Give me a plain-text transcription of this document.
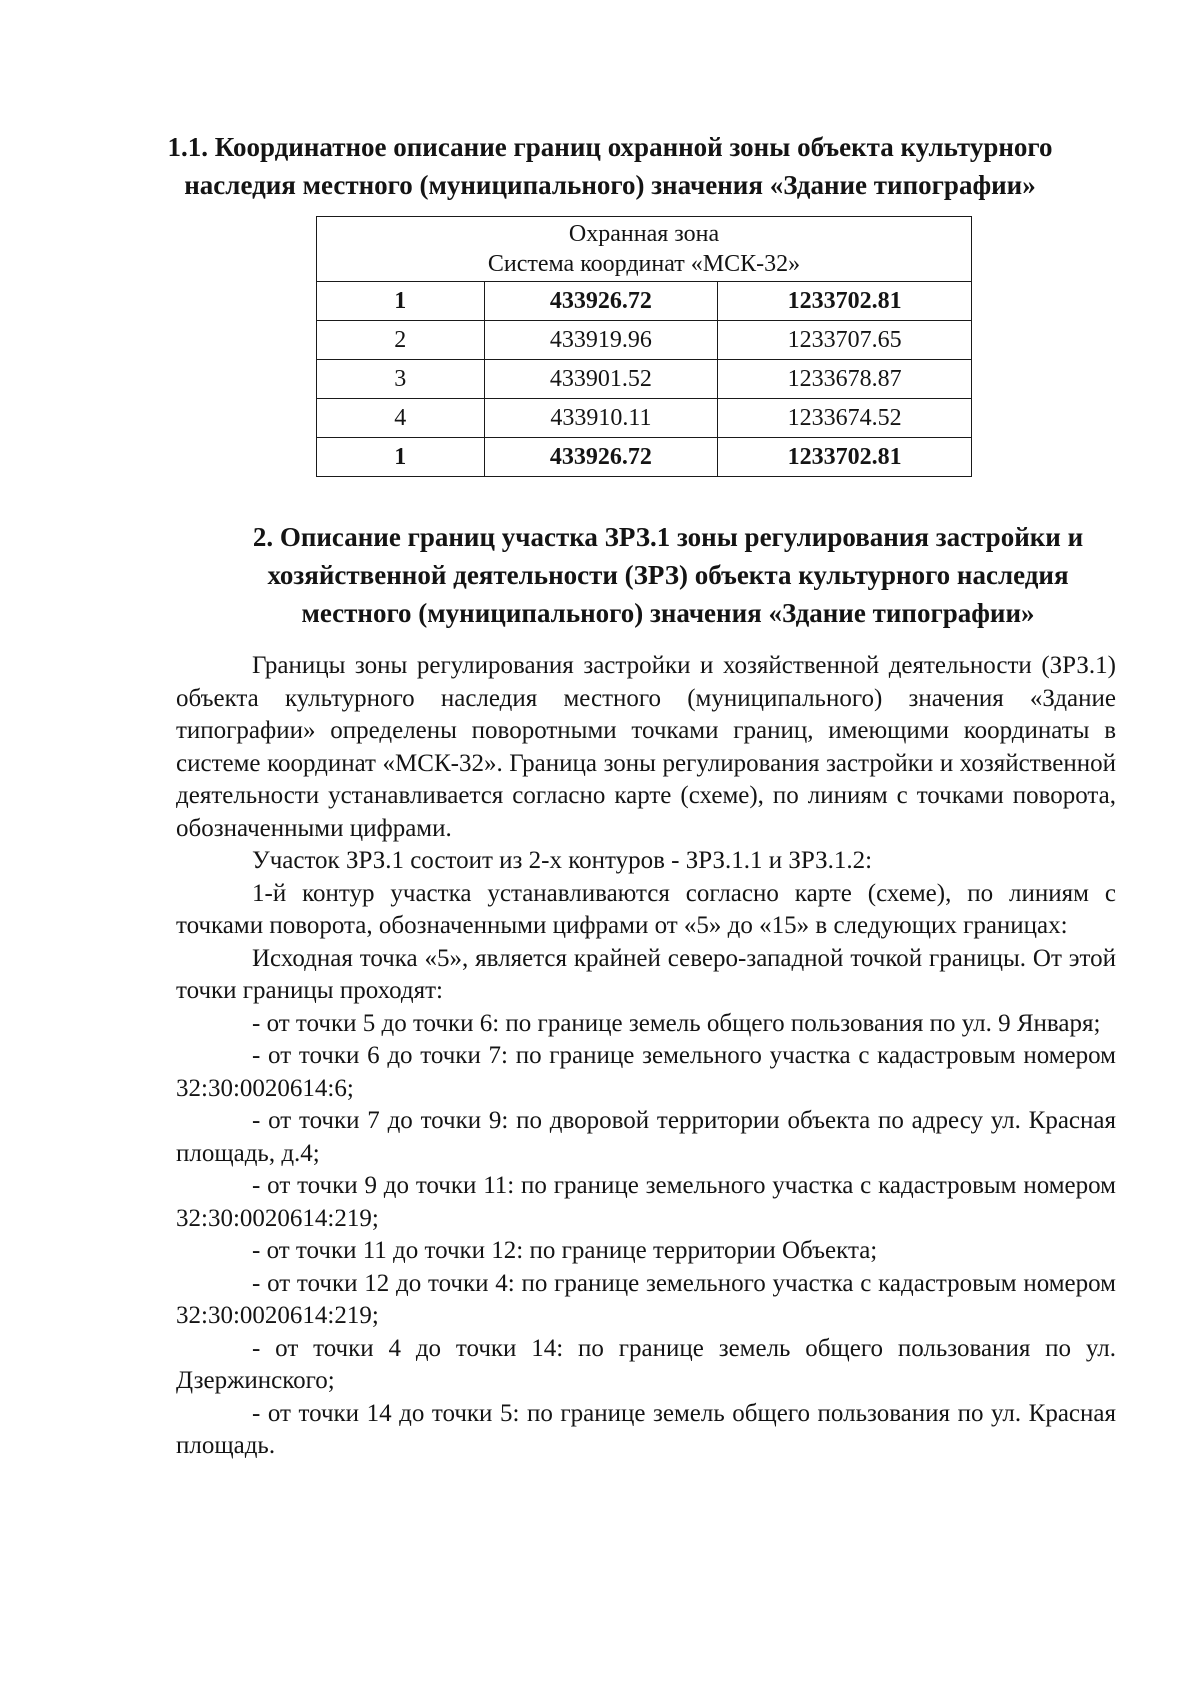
1.1. Координатное описание границ охранной зоны объекта культурного
наследия местного (муниципального) значения «Здание типографии»
Охранная зона
Система координат «МСК-32»		

1	433926.72	1233702.81
2	433919.96	1233707.65
3	433901.52	1233678.87
4	433910.11	1233674.52
1	433926.72	1233702.81
2. Описание границ участка ЗРЗ.1 зоны регулирования застройки и
хозяйственной деятельности (ЗРЗ) объекта культурного наследия
местного (муниципального) значения «Здание типографии»

Границы зоны регулирования застройки и хозяйственной деятельности (ЗРЗ.1) объекта культурного наследия местного (муниципального) значения «Здание типографии» определены поворотными точками границ, имеющими координаты в системе координат «МСК-32». Граница зоны регулирования застройки и хозяйственной деятельности устанавливается согласно карте (схеме), по линиям с точками поворота, обозначенными цифрами.

Участок ЗРЗ.1 состоит из 2-х контуров - ЗРЗ.1.1 и ЗРЗ.1.2:

1-й контур участка устанавливаются согласно карте (схеме), по линиям с точками поворота, обозначенными цифрами от «5» до «15» в следующих границах:

Исходная точка «5», является крайней северо-западной точкой границы. От этой точки границы проходят:

- от точки 5 до точки 6: по границе земель общего пользования по ул. 9 Января;

- от точки 6 до точки 7: по границе земельного участка с кадастровым номером 32:30:0020614:6;

- от точки 7 до точки 9: по дворовой территории объекта по адресу ул. Красная площадь, д.4;

- от точки 9 до точки 11: по границе земельного участка с кадастровым номером 32:30:0020614:219;

- от точки 11 до точки 12: по границе территории Объекта;

- от точки 12 до точки 4: по границе земельного участка с кадастровым номером 32:30:0020614:219;

- от точки 4 до точки 14: по границе земель общего пользования по ул. Дзержинского;

- от точки 14 до точки 5: по границе земель общего пользования по ул. Красная площадь.
